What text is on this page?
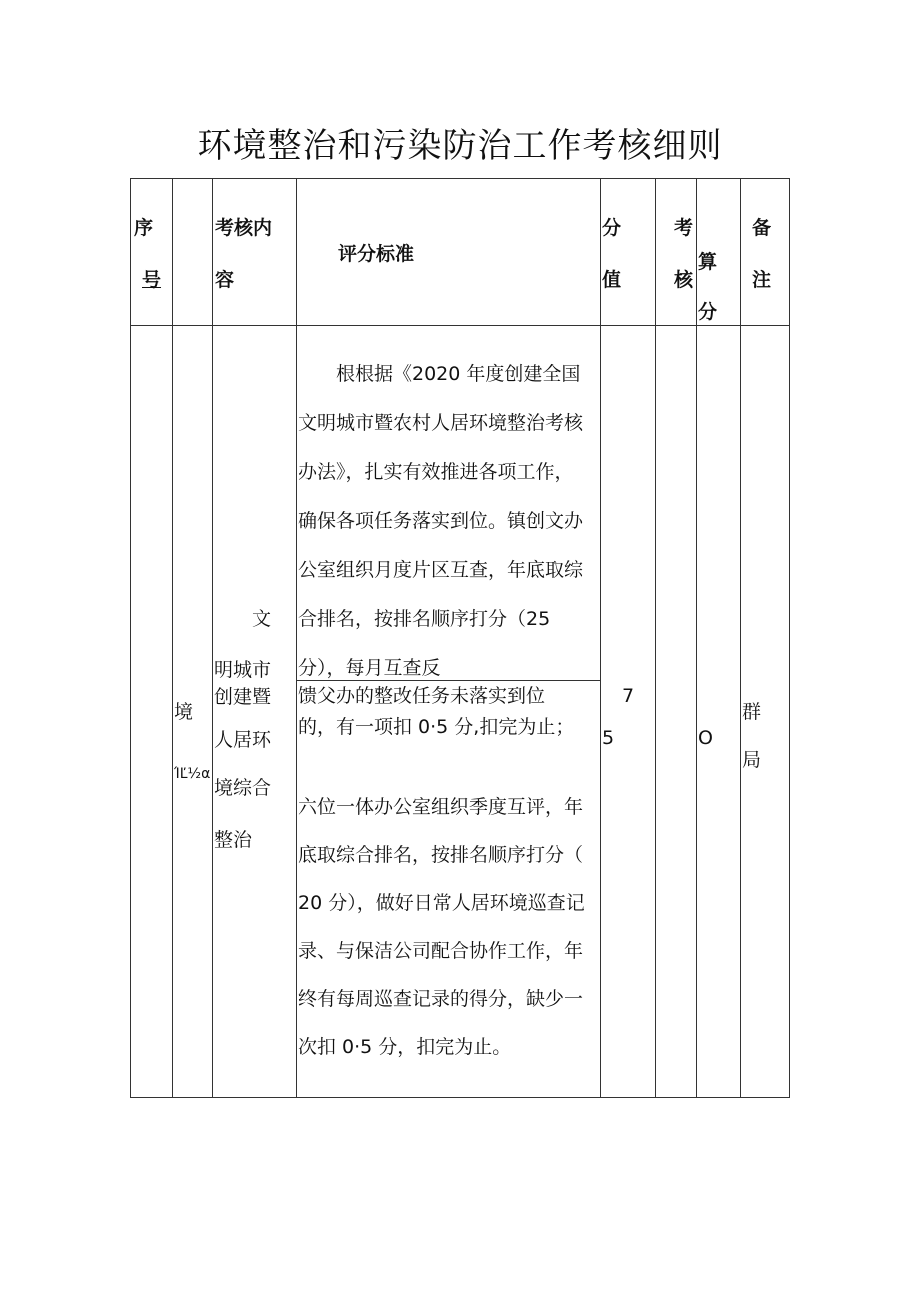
环境整治和污染防治工作考核细则
序
号
考核内
容
评分标准
分
值
考
核
算
分
备
注
境
ΊĽ½α
文
明城市
创建暨
人居环
境综合
整治
根根据《2020 年度创建全国
文明城市暨农村人居环境整治考核
办法》，扎实有效推进各项工作，
确保各项任务落实到位。镇创文办
公室组织月度片区互查，年底取综
合排名，按排名顺序打分（25
分），每月互查反
馈父办的整改任务未落实到位
的，有一项扣 0·5 分,扣完为止；
六位一体办公室组织季度互评，年
底取综合排名，按排名顺序打分（
20 分），做好日常人居环境巡查记
录、与保洁公司配合协作工作，年
终有每周巡查记录的得分，缺少一
次扣 0·5 分，扣完为止。
7
5	O
群
局
